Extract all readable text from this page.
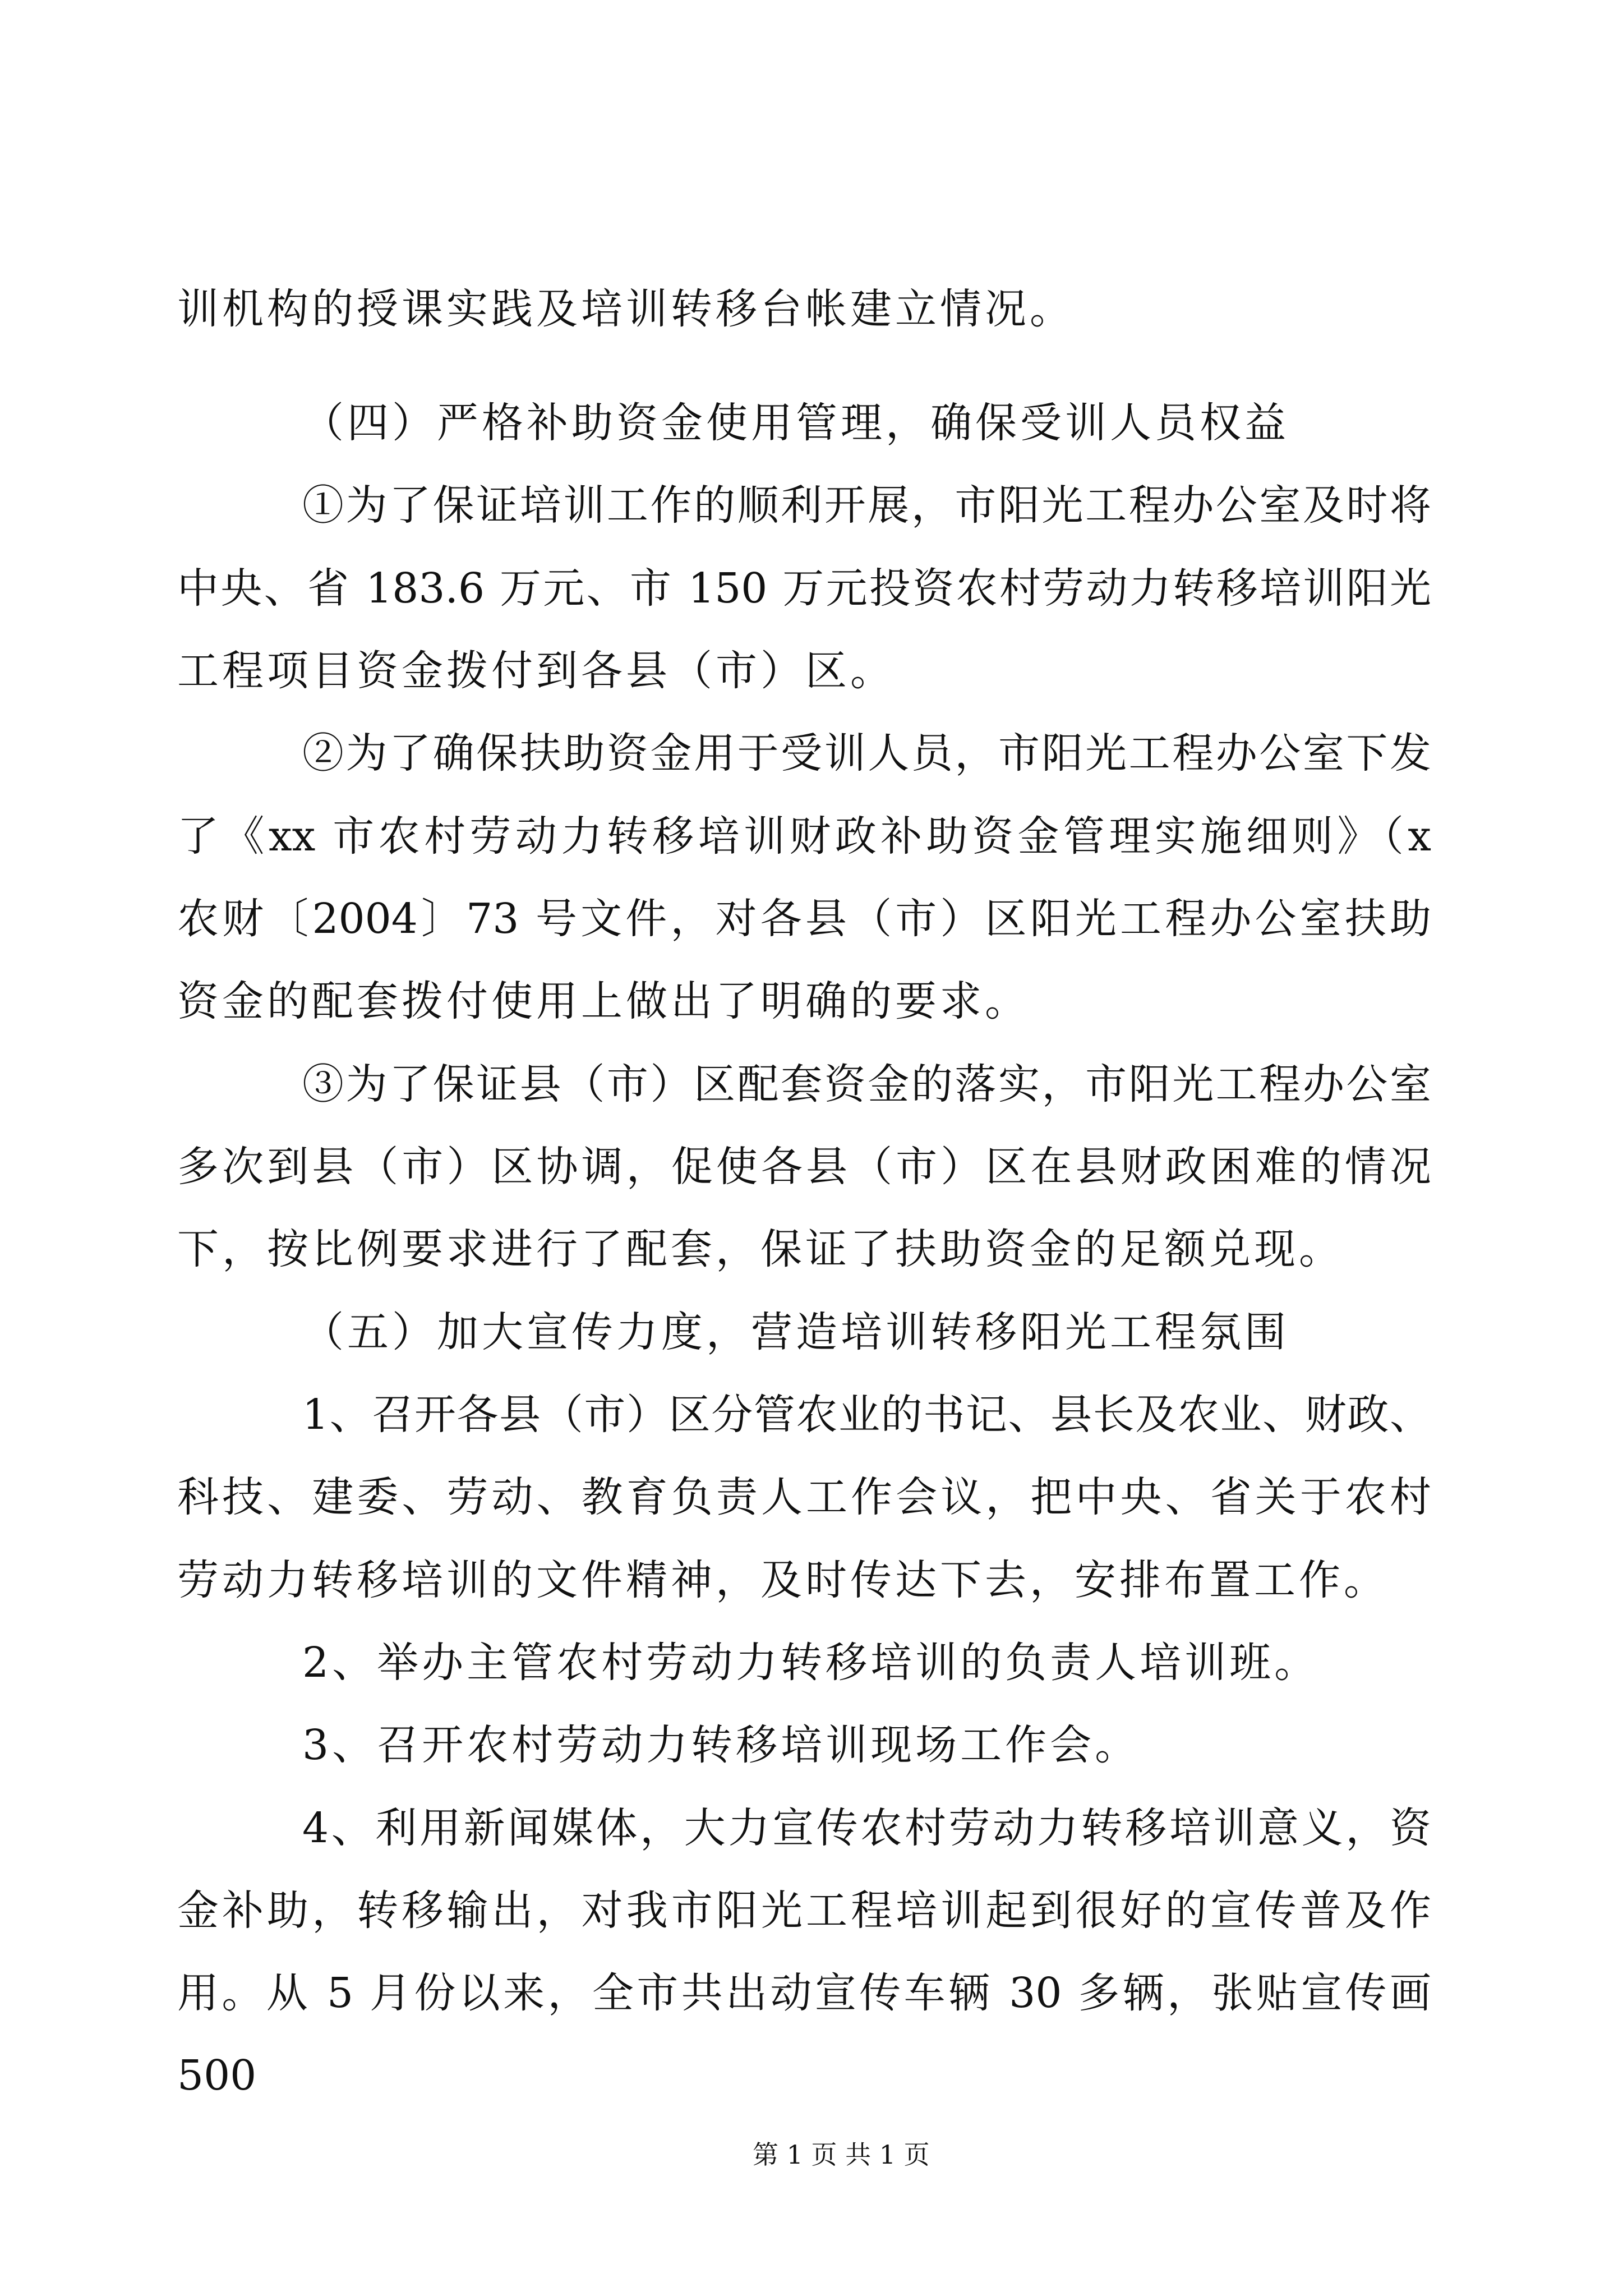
训机构的授课实践及培训转移台帐建立情况。
（四）严格补助资金使用管理，确保受训人员权益
①为了保证培训工作的顺利开展，市阳光工程办公室及时将
中央、省 183.6 万元、市 150 万元投资农村劳动力转移培训阳光
工程项目资金拨付到各县（市）区。
②为了确保扶助资金用于受训人员，市阳光工程办公室下发
了《xx 市农村劳动力转移培训财政补助资金管理实施细则》（x
农财〔2004〕73 号文件，对各县（市）区阳光工程办公室扶助
资金的配套拨付使用上做出了明确的要求。
③为了保证县（市）区配套资金的落实，市阳光工程办公室
多次到县（市）区协调，促使各县（市）区在县财政困难的情况
下，按比例要求进行了配套，保证了扶助资金的足额兑现。
（五）加大宣传力度，营造培训转移阳光工程氛围
1、召开各县（市）区分管农业的书记、县长及农业、财政、
科技、建委、劳动、教育负责人工作会议，把中央、省关于农村
劳动力转移培训的文件精神，及时传达下去，安排布置工作。
2、举办主管农村劳动力转移培训的负责人培训班。
3、召开农村劳动力转移培训现场工作会。
4、利用新闻媒体，大力宣传农村劳动力转移培训意义，资
金补助，转移输出，对我市阳光工程培训起到很好的宣传普及作
用。从 5 月份以来，全市共出动宣传车辆 30 多辆，张贴宣传画 500
第 1 页 共 1 页
